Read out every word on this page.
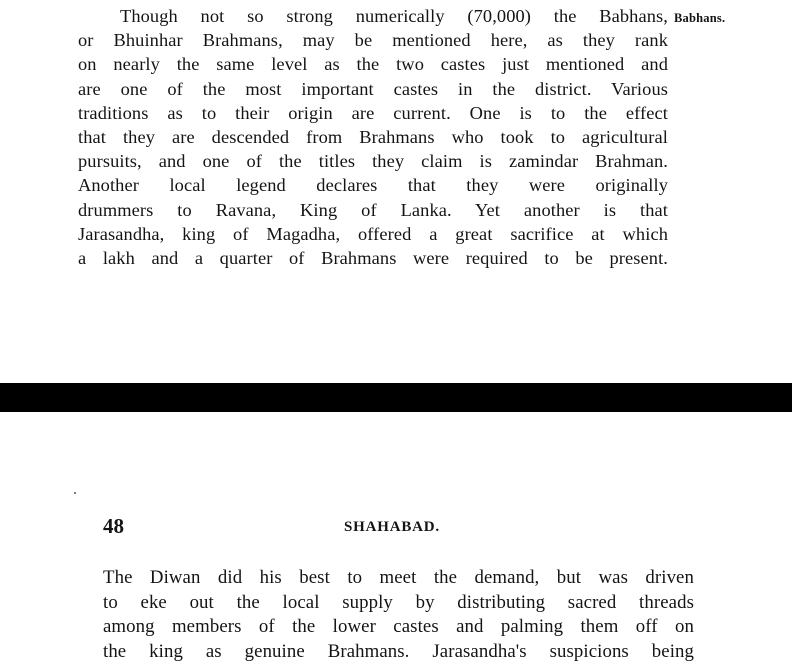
Though not so strong numerically (70,000) the Babhans,
or Bhuinhar Brahmans, may be mentioned here, as they rank
on nearly the same level as the two castes just mentioned and
are one of the most important castes in the district. Various
traditions as to their origin are current. One is to the effect
that they are descended from Brahmans who took to agricultural
pursuits, and one of the titles they claim is zamindar Brahman.
Another local legend declares that they were originally
drummers to Ravana, King of Lanka. Yet another is that
Jarasandha, king of Magadha, offered a great sacrifice at which
a lakh and a quarter of Brahmans were required to be present.
Babhans.
48	SHAHABAD.
The Diwan did his best to meet the demand, but was driven
to eke out the local supply by distributing sacred threads
among members of the lower castes and palming them off on
the king as genuine Brahmans. Jarasandha's suspicions being
